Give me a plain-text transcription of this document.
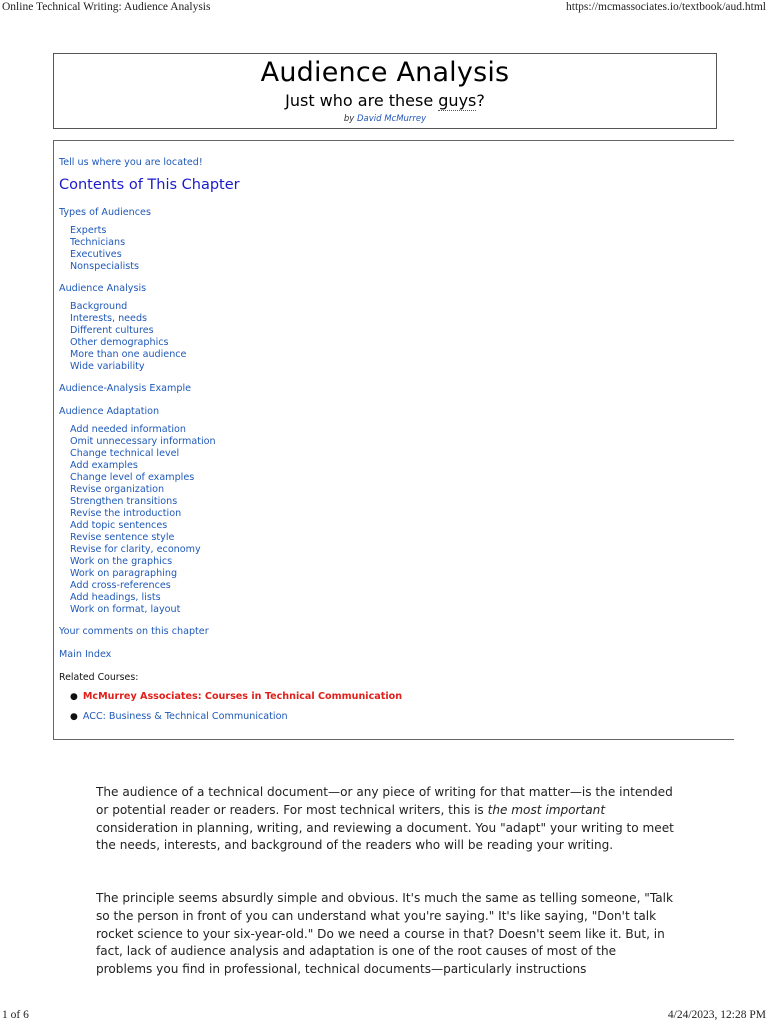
Online Technical Writing: Audience Analysis	https://mcmassociates.io/textbook/aud.html
Audience Analysis
Just who are these guys?
by David McMurrey
Tell us where you are located!
Contents of This Chapter
Types of Audiences
Experts
Technicians
Executives
Nonspecialists
Audience Analysis
Background
Interests, needs
Different cultures
Other demographics
More than one audience
Wide variability
Audience-Analysis Example
Audience Adaptation
Add needed information
Omit unnecessary information
Change technical level
Add examples
Change level of examples
Revise organization
Strengthen transitions
Revise the introduction
Add topic sentences
Revise sentence style
Revise for clarity, economy
Work on the graphics
Work on paragraphing
Add cross-references
Add headings, lists
Work on format, layout
Your comments on this chapter
Main Index
Related Courses:
● McMurrey Associates: Courses in Technical Communication
● ACC: Business & Technical Communication

The audience of a technical document—or any piece of writing for that matter—is the intended or potential reader or readers. For most technical writers, this is the most important consideration in planning, writing, and reviewing a document. You "adapt" your writing to meet the needs, interests, and background of the readers who will be reading your writing.

The principle seems absurdly simple and obvious. It's much the same as telling someone, "Talk so the person in front of you can understand what you're saying." It's like saying, "Don't talk rocket science to your six-year-old." Do we need a course in that? Doesn't seem like it. But, in fact, lack of audience analysis and adaptation is one of the root causes of most of the problems you find in professional, technical documents—particularly instructions

1 of 6	4/24/2023, 12:28 PM
